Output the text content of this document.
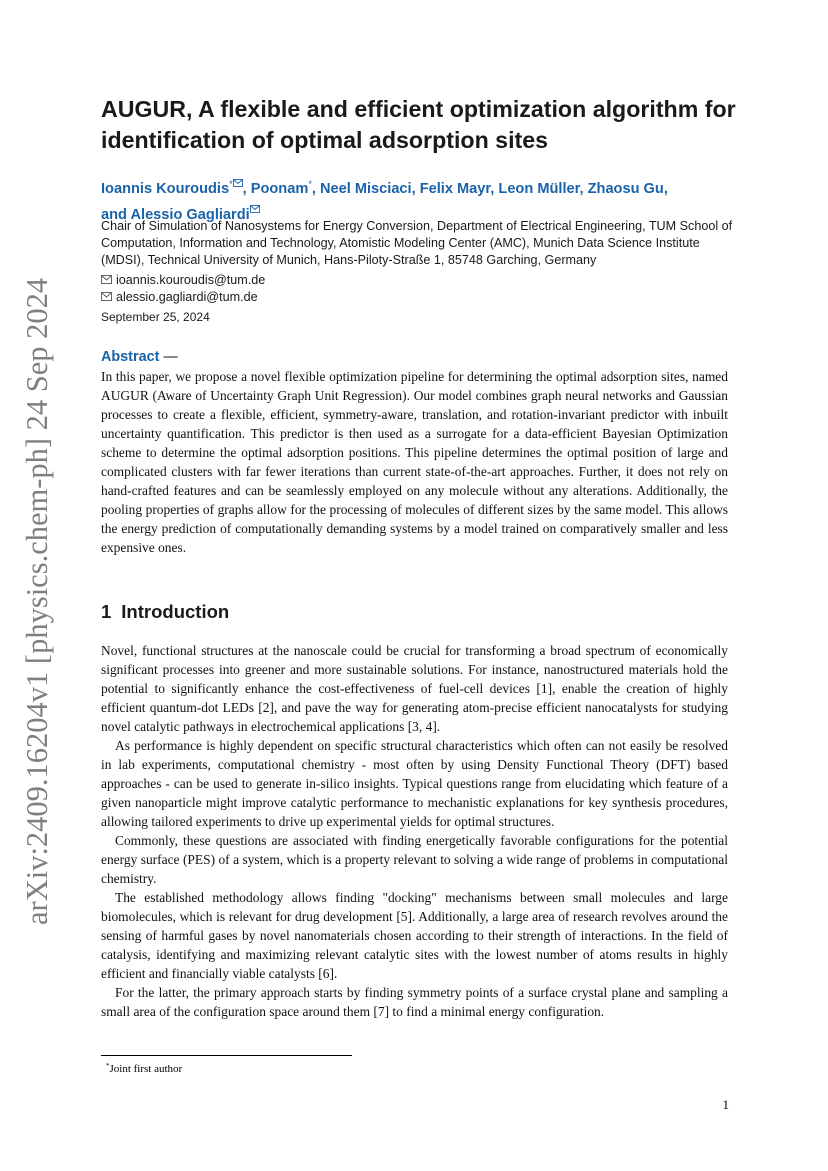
arXiv:2409.16204v1 [physics.chem-ph] 24 Sep 2024
AUGUR, A flexible and efficient optimization algorithm for identification of optimal adsorption sites
Ioannis Kouroudis* , Poonam*, Neel Misciaci, Felix Mayr, Leon Müller, Zhaosu Gu,
and Alessio Gagliardi
Chair of Simulation of Nanosystems for Energy Conversion, Department of Electrical Engineering, TUM School of Computation, Information and Technology, Atomistic Modeling Center (AMC), Munich Data Science Institute (MDSI), Technical University of Munich, Hans-Piloty-Straße 1, 85748 Garching, Germany
ioannis.kouroudis@tum.de
alessio.gagliardi@tum.de
September 25, 2024
Abstract —

In this paper, we propose a novel flexible optimization pipeline for determining the optimal adsorption sites, named AUGUR (Aware of Uncertainty Graph Unit Regression). Our model combines graph neural networks and Gaussian processes to create a flexible, efficient, symmetry-aware, translation, and rotation-invariant predictor with inbuilt uncertainty quantification. This predictor is then used as a surrogate for a data-efficient Bayesian Optimization scheme to determine the optimal adsorption positions. This pipeline determines the optimal position of large and complicated clusters with far fewer iterations than current state-of-the-art approaches. Further, it does not rely on hand-crafted features and can be seamlessly employed on any molecule without any alterations. Additionally, the pooling properties of graphs allow for the processing of molecules of different sizes by the same model. This allows the energy prediction of computationally demanding systems by a model trained on comparatively smaller and less expensive ones.

1 Introduction

Novel, functional structures at the nanoscale could be crucial for transforming a broad spectrum of economically significant processes into greener and more sustainable solutions. For instance, nanostructured materials hold the potential to significantly enhance the cost-effectiveness of fuel-cell devices [1], enable the creation of highly efficient quantum-dot LEDs [2], and pave the way for generating atom-precise efficient nanocatalysts for studying novel catalytic pathways in electrochemical applications [3, 4].

As performance is highly dependent on specific structural characteristics which often can not easily be resolved in lab experiments, computational chemistry - most often by using Density Functional Theory (DFT) based approaches - can be used to generate in-silico insights. Typical questions range from elucidating which feature of a given nanoparticle might improve catalytic performance to mechanistic explanations for key synthesis procedures, allowing tailored experiments to drive up experimental yields for optimal structures.

Commonly, these questions are associated with finding energetically favorable configurations for the potential energy surface (PES) of a system, which is a property relevant to solving a wide range of problems in computational chemistry.

The established methodology allows finding "docking" mechanisms between small molecules and large biomolecules, which is relevant for drug development [5]. Additionally, a large area of research revolves around the sensing of harmful gases by novel nanomaterials chosen according to their strength of interactions. In the field of catalysis, identifying and maximizing relevant catalytic sites with the lowest number of atoms results in highly efficient and financially viable catalysts [6].

For the latter, the primary approach starts by finding symmetry points of a surface crystal plane and sampling a small area of the configuration space around them [7] to find a minimal energy configuration.

*Joint first author
1
